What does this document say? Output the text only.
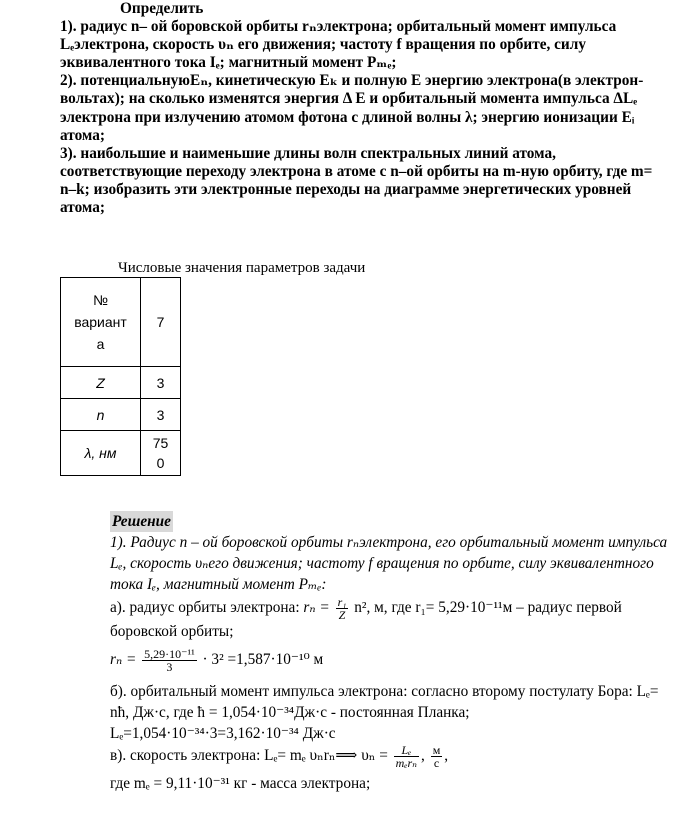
Определить

1). радиус n– ой боровской орбиты rₙэлектрона; орбитальный момент импульса Lₑэлектрона, скорость υₙ его движения; частоту f вращения по орбите, силу эквивалентного тока Iₑ; магнитный момент Pₘₑ;

2). потенциальнуюEₙ, кинетическую Eₖ и полную E энергию электрона(в электрон-вольтах); на сколько изменятся энергия Δ E и орбитальный момента импульса ΔLₑ электрона при излучению атомом фотона с длиной волны λ; энергию ионизации Eᵢ атома;

3). наибольшие и наименьшие длины волн спектральных линий атома, соответствующие переходу электрона в атоме с n–ой орбиты на m-ную орбиту, где m= n–k; изобразить эти электронные переходы на диаграмме энергетических уровней атома;

Числовые значения параметров задачи
№ вариант а	7
Z	3
n	3
λ, нм	75 0

Решение

1). Радиус n – ой боровской орбиты rₙэлектрона, его орбитальный момент импульса Lₑ, скорость υₙего движения; частоту f вращения по орбите, силу эквивалентного тока Iₑ, магнитный момент Pₘₑ:

а). радиус орбиты электрона: $r_n = \frac{\text{r₁}}{Z} n^2$, м, где r₁= 5,29·10⁻¹¹м – радиус первой боровской орбиты;

$r_n = \frac{\text{5,29·10⁻¹¹}}{3} \cdot 3^2 =1,587\cdot 10^{-10}$ м

б). орбитальный момент импульса электрона: согласно второму постулату Бора: Lₑ= nħ, Дж·с, где ħ = 1,054·10⁻³⁴Дж·с - постоянная Планка;

Lₑ=1,054·10⁻³⁴·3=3,162·10⁻³⁴ Дж·с

в). скорость электрона: Lₑ= mₑ υₙrₙ⟹ $\upsilon_n = \frac{\text{Lₑ}}{\text{mₑrₙ}}$ , $\frac{м}{с}$ ,

где mₑ = 9,11·10⁻³¹ кг - масса электрона;
